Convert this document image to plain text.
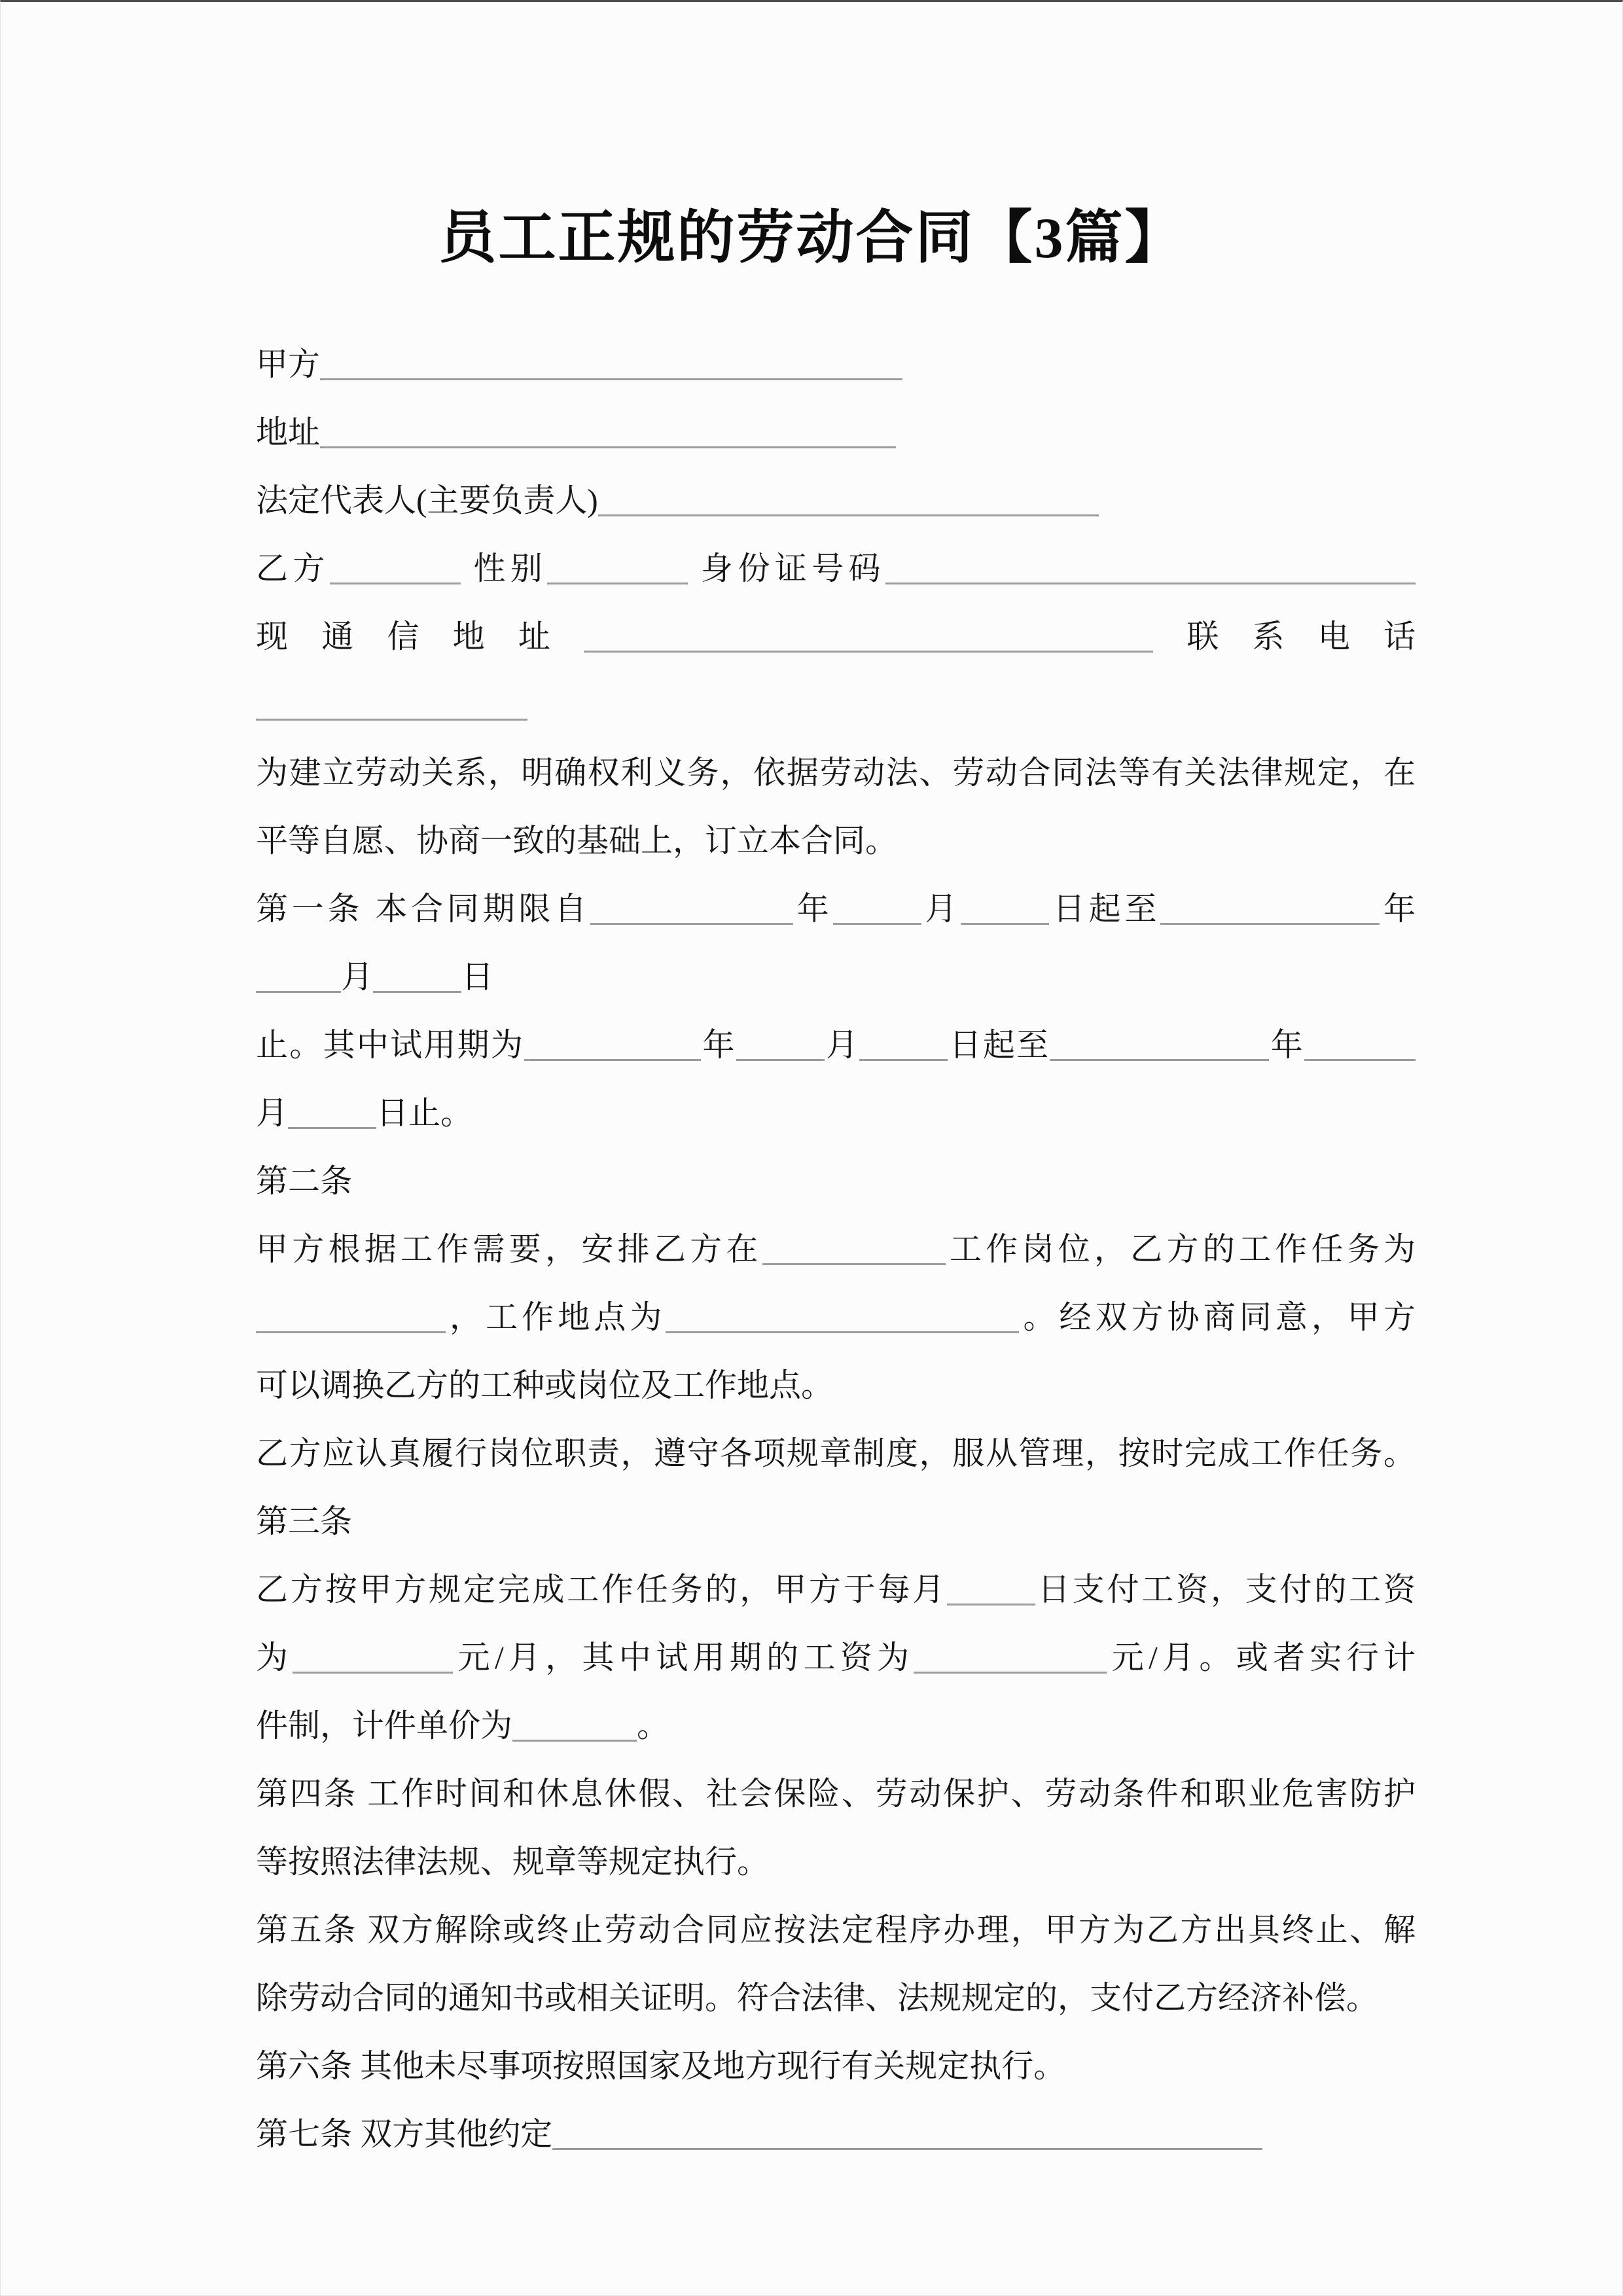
员工正规的劳动合同【3篇】
甲方
地址
法定代表人(主要负责人)
乙方	性别	身份证号码
现通信地址	联系电话
为建立劳动关系，明确权利义务，依据劳动法、劳动合同法等有关法律规定，在
平等自愿、协商一致的基础上，订立本合同。
第一条 本合同期限自	年	月	日起至	年
月	日
止。其中试用期为	年	月	日起至	年
月	日止。
第二条
甲方根据工作需要，安排乙方在	工作岗位，乙方的工作任务为
，工作地点为	。经双方协商同意，甲方
可以调换乙方的工种或岗位及工作地点。
乙方应认真履行岗位职责，遵守各项规章制度，服从管理，按时完成工作任务。
第三条
乙方按甲方规定完成工作任务的，甲方于每月	日支付工资，支付的工资
为	元/月，其中试用期的工资为	元/月。或者实行计
件制，计件单价为	。
第四条 工作时间和休息休假、社会保险、劳动保护、劳动条件和职业危害防护
等按照法律法规、规章等规定执行。
第五条 双方解除或终止劳动合同应按法定程序办理，甲方为乙方出具终止、解
除劳动合同的通知书或相关证明。符合法律、法规规定的，支付乙方经济补偿。
第六条 其他未尽事项按照国家及地方现行有关规定执行。
第七条 双方其他约定
